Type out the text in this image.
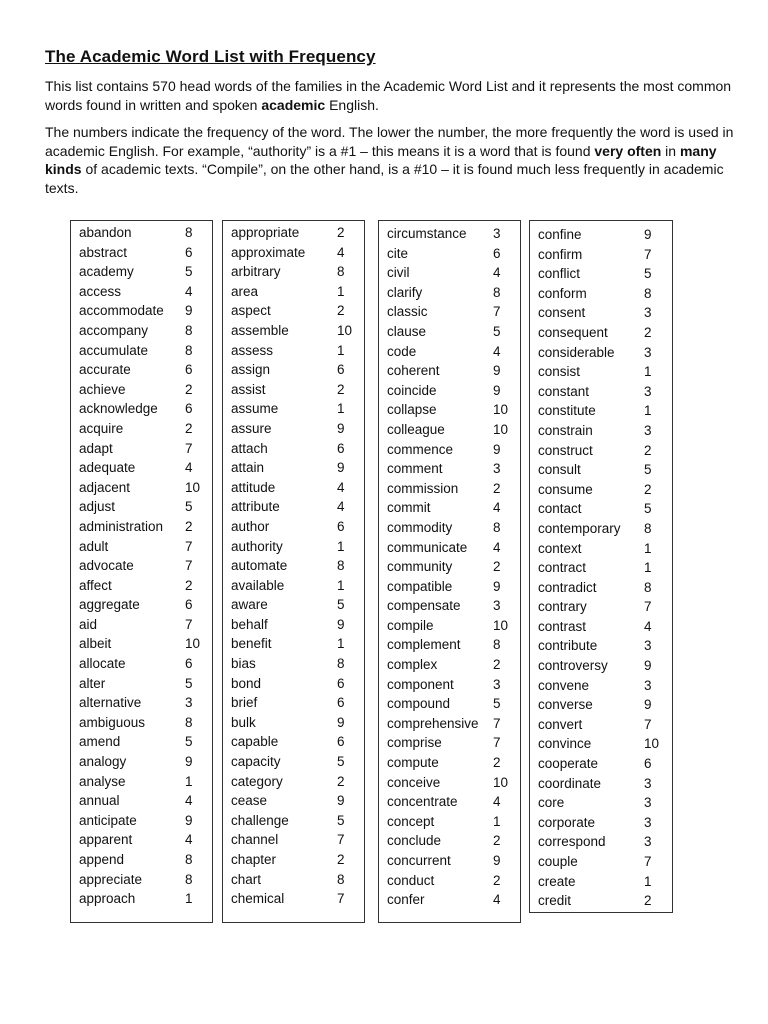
The Academic Word List with Frequency

This list contains 570 head words of the families in the Academic Word List and it represents the most common words found in written and spoken academic English.

The numbers indicate the frequency of the word. The lower the number, the more frequently the word is used in academic English. For example, “authority” is a #1 – this means it is a word that is found very often in many kinds of academic texts. “Compile”, on the other hand, is a #10 – it is found much less frequently in academic texts.

abandon	8
abstract	6
academy	5
access	4
accommodate 9
accompany	8
accumulate	8
accurate	6
achieve	2
acknowledge 6
acquire	2
adapt	7
adequate	4
adjacent	10
adjust	5
administration 2
adult	7
advocate	7
affect	2
aggregate	6
aid	7
albeit	10
allocate	6
alter	5
alternative	3
ambiguous	8
amend	5
analogy	9
analyse	1
annual	4
anticipate	9
apparent	4
append	8
appreciate	8
approach	1
appropriate	2
approximate 4
arbitrary	8
area	1
aspect	2
assemble	10
assess	1
assign	6
assist	2
assume	1
assure	9
attach	6
attain	9
attitude	4
attribute	4
author	6
authority	1
automate	8
available	1
aware	5
behalf	9
benefit	1
bias	8
bond	6
brief	6
bulk	9
capable	6
capacity	5
category	2
cease	9
challenge	5
channel	7
chapter	2
chart	8
chemical	7
circumstance 3
cite	6
civil	4
clarify	8
classic	7
clause	5
code	4
coherent	9
coincide	9
collapse	10
colleague	10
commence	9
comment	3
commission	2
commit	4
commodity	8
communicate 4
community	2
compatible	9
compensate 3
compile	10
complement 8
complex	2
component	3
compound	5
comprehensive 7
comprise	7
compute	2
conceive	10
concentrate	4
concept	1
conclude	2
concurrent	9
conduct	2
confer	4
confine	9
confirm	7
conflict	5
conform	8
consent	3
consequent	2
considerable 3
consist	1
constant	3
constitute	1
constrain	3
construct	2
consult	5
consume	2
contact	5
contemporary 8
context	1
contract	1
contradict	8
contrary	7
contrast	4
contribute	3
controversy	9
convene	3
converse	9
convert	7
convince	10
cooperate	6
coordinate	3
core	3
corporate	3
correspond	3
couple	7
create	1
credit	2
